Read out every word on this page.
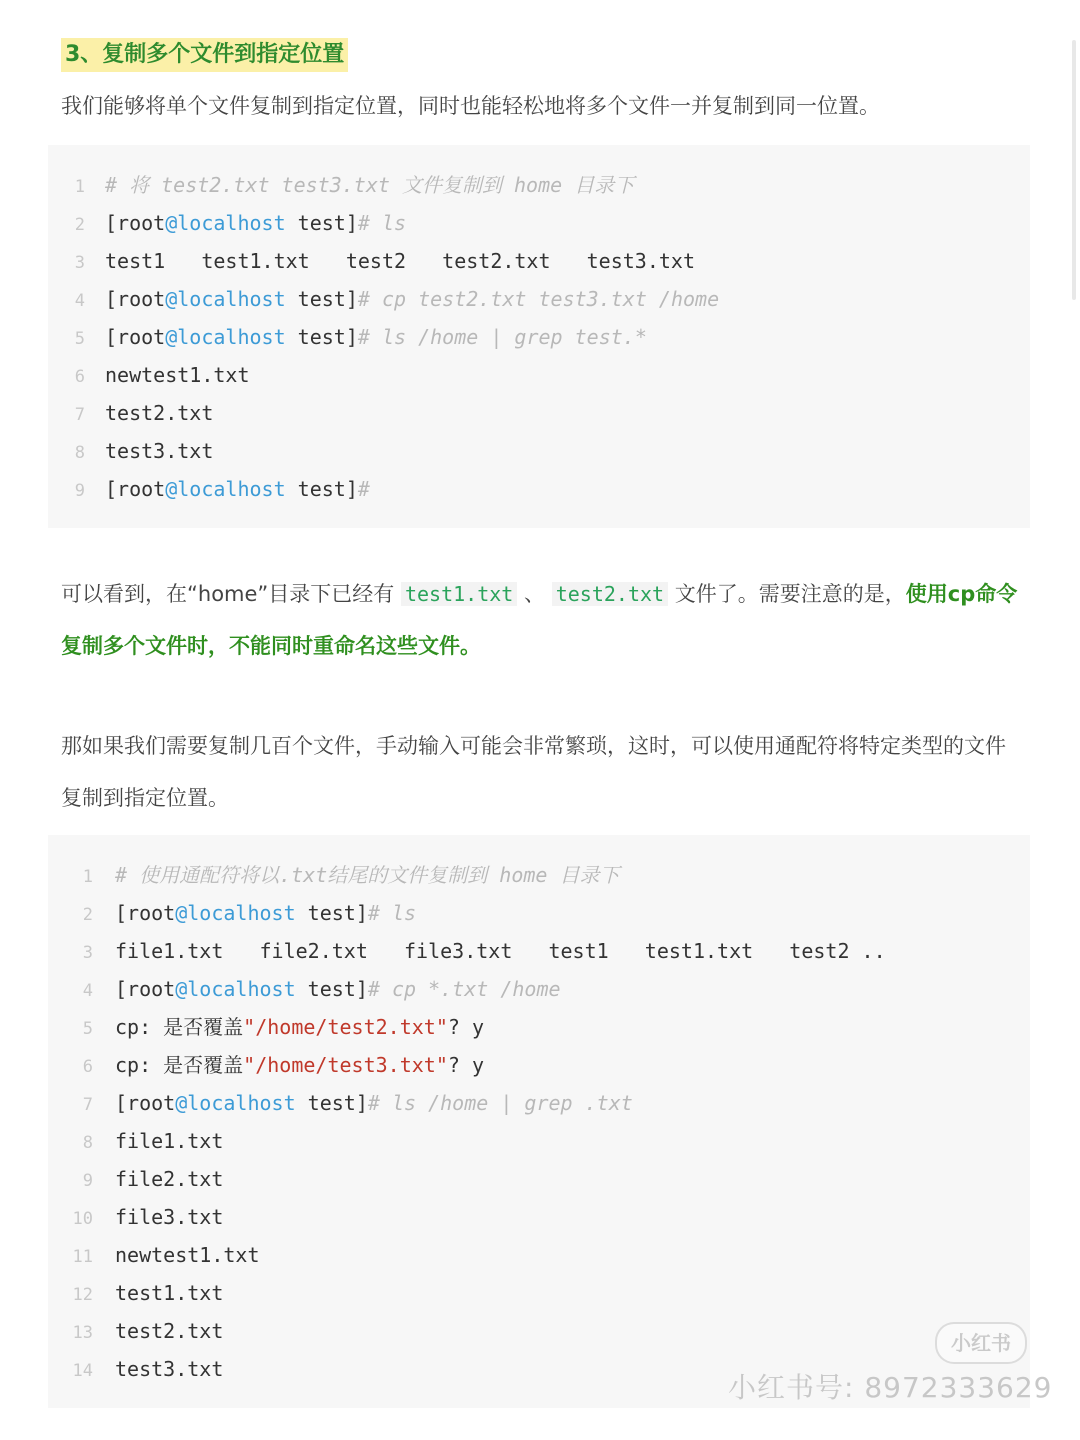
3、复制多个文件到指定位置
我们能够将单个文件复制到指定位置，同时也能轻松地将多个文件一并复制到同一位置。
1 # 将 test2.txt test3.txt 文件复制到 home 目录下
2 [root@localhost test]# ls
3 test1   test1.txt   test2   test2.txt   test3.txt
4 [root@localhost test]# cp test2.txt test3.txt /home
5 [root@localhost test]# ls /home | grep test.*
6 newtest1.txt
7 test2.txt
8 test3.txt
9 [root@localhost test]#
可以看到，在“home”目录下已经有 test1.txt 、 test2.txt 文件了。需要注意的是，使用cp命令复制多个文件时，不能同时重命名这些文件。
那如果我们需要复制几百个文件，手动输入可能会非常繁琐，这时，可以使用通配符将特定类型的文件复制到指定位置。
1 # 使用通配符将以.txt结尾的文件复制到 home 目录下
2 [root@localhost test]# ls
3 file1.txt   file2.txt   file3.txt   test1   test1.txt   test2 ..
4 [root@localhost test]# cp *.txt /home
5 cp: 是否覆盖"/home/test2.txt"? y
6 cp: 是否覆盖"/home/test3.txt"? y
7 [root@localhost test]# ls /home | grep .txt
8 file1.txt
9 file2.txt
10 file3.txt
11 newtest1.txt
12 test1.txt
13 test2.txt
14 test3.txt
小红书
小红书号: 8972333629
